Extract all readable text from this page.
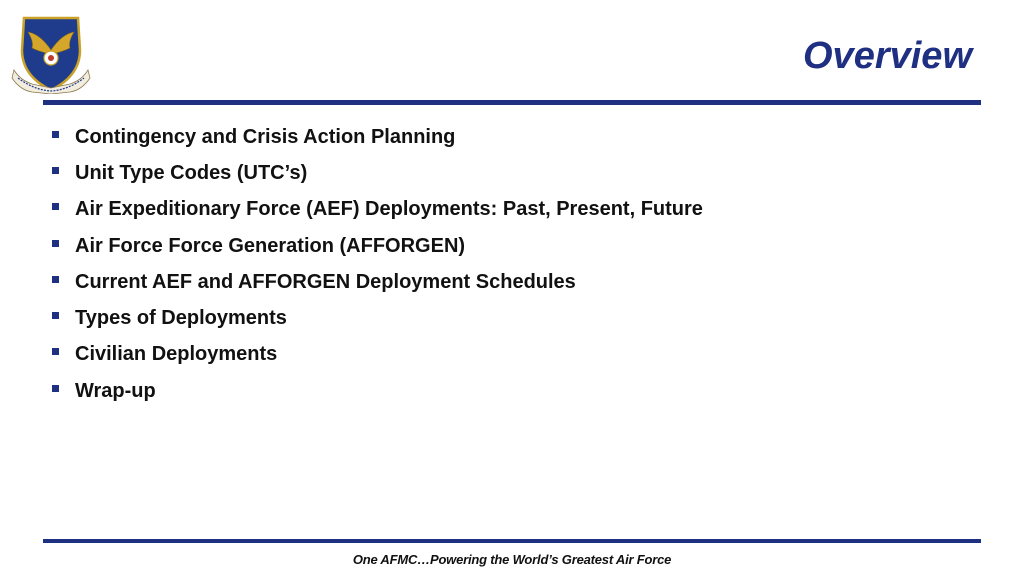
Overview
Contingency and Crisis Action Planning
Unit Type Codes (UTC’s)
Air Expeditionary Force (AEF) Deployments: Past, Present, Future
Air Force Force Generation (AFFORGEN)
Current AEF and AFFORGEN Deployment Schedules
Types of Deployments
Civilian Deployments
Wrap-up
One AFMC…Powering the World’s Greatest Air Force
